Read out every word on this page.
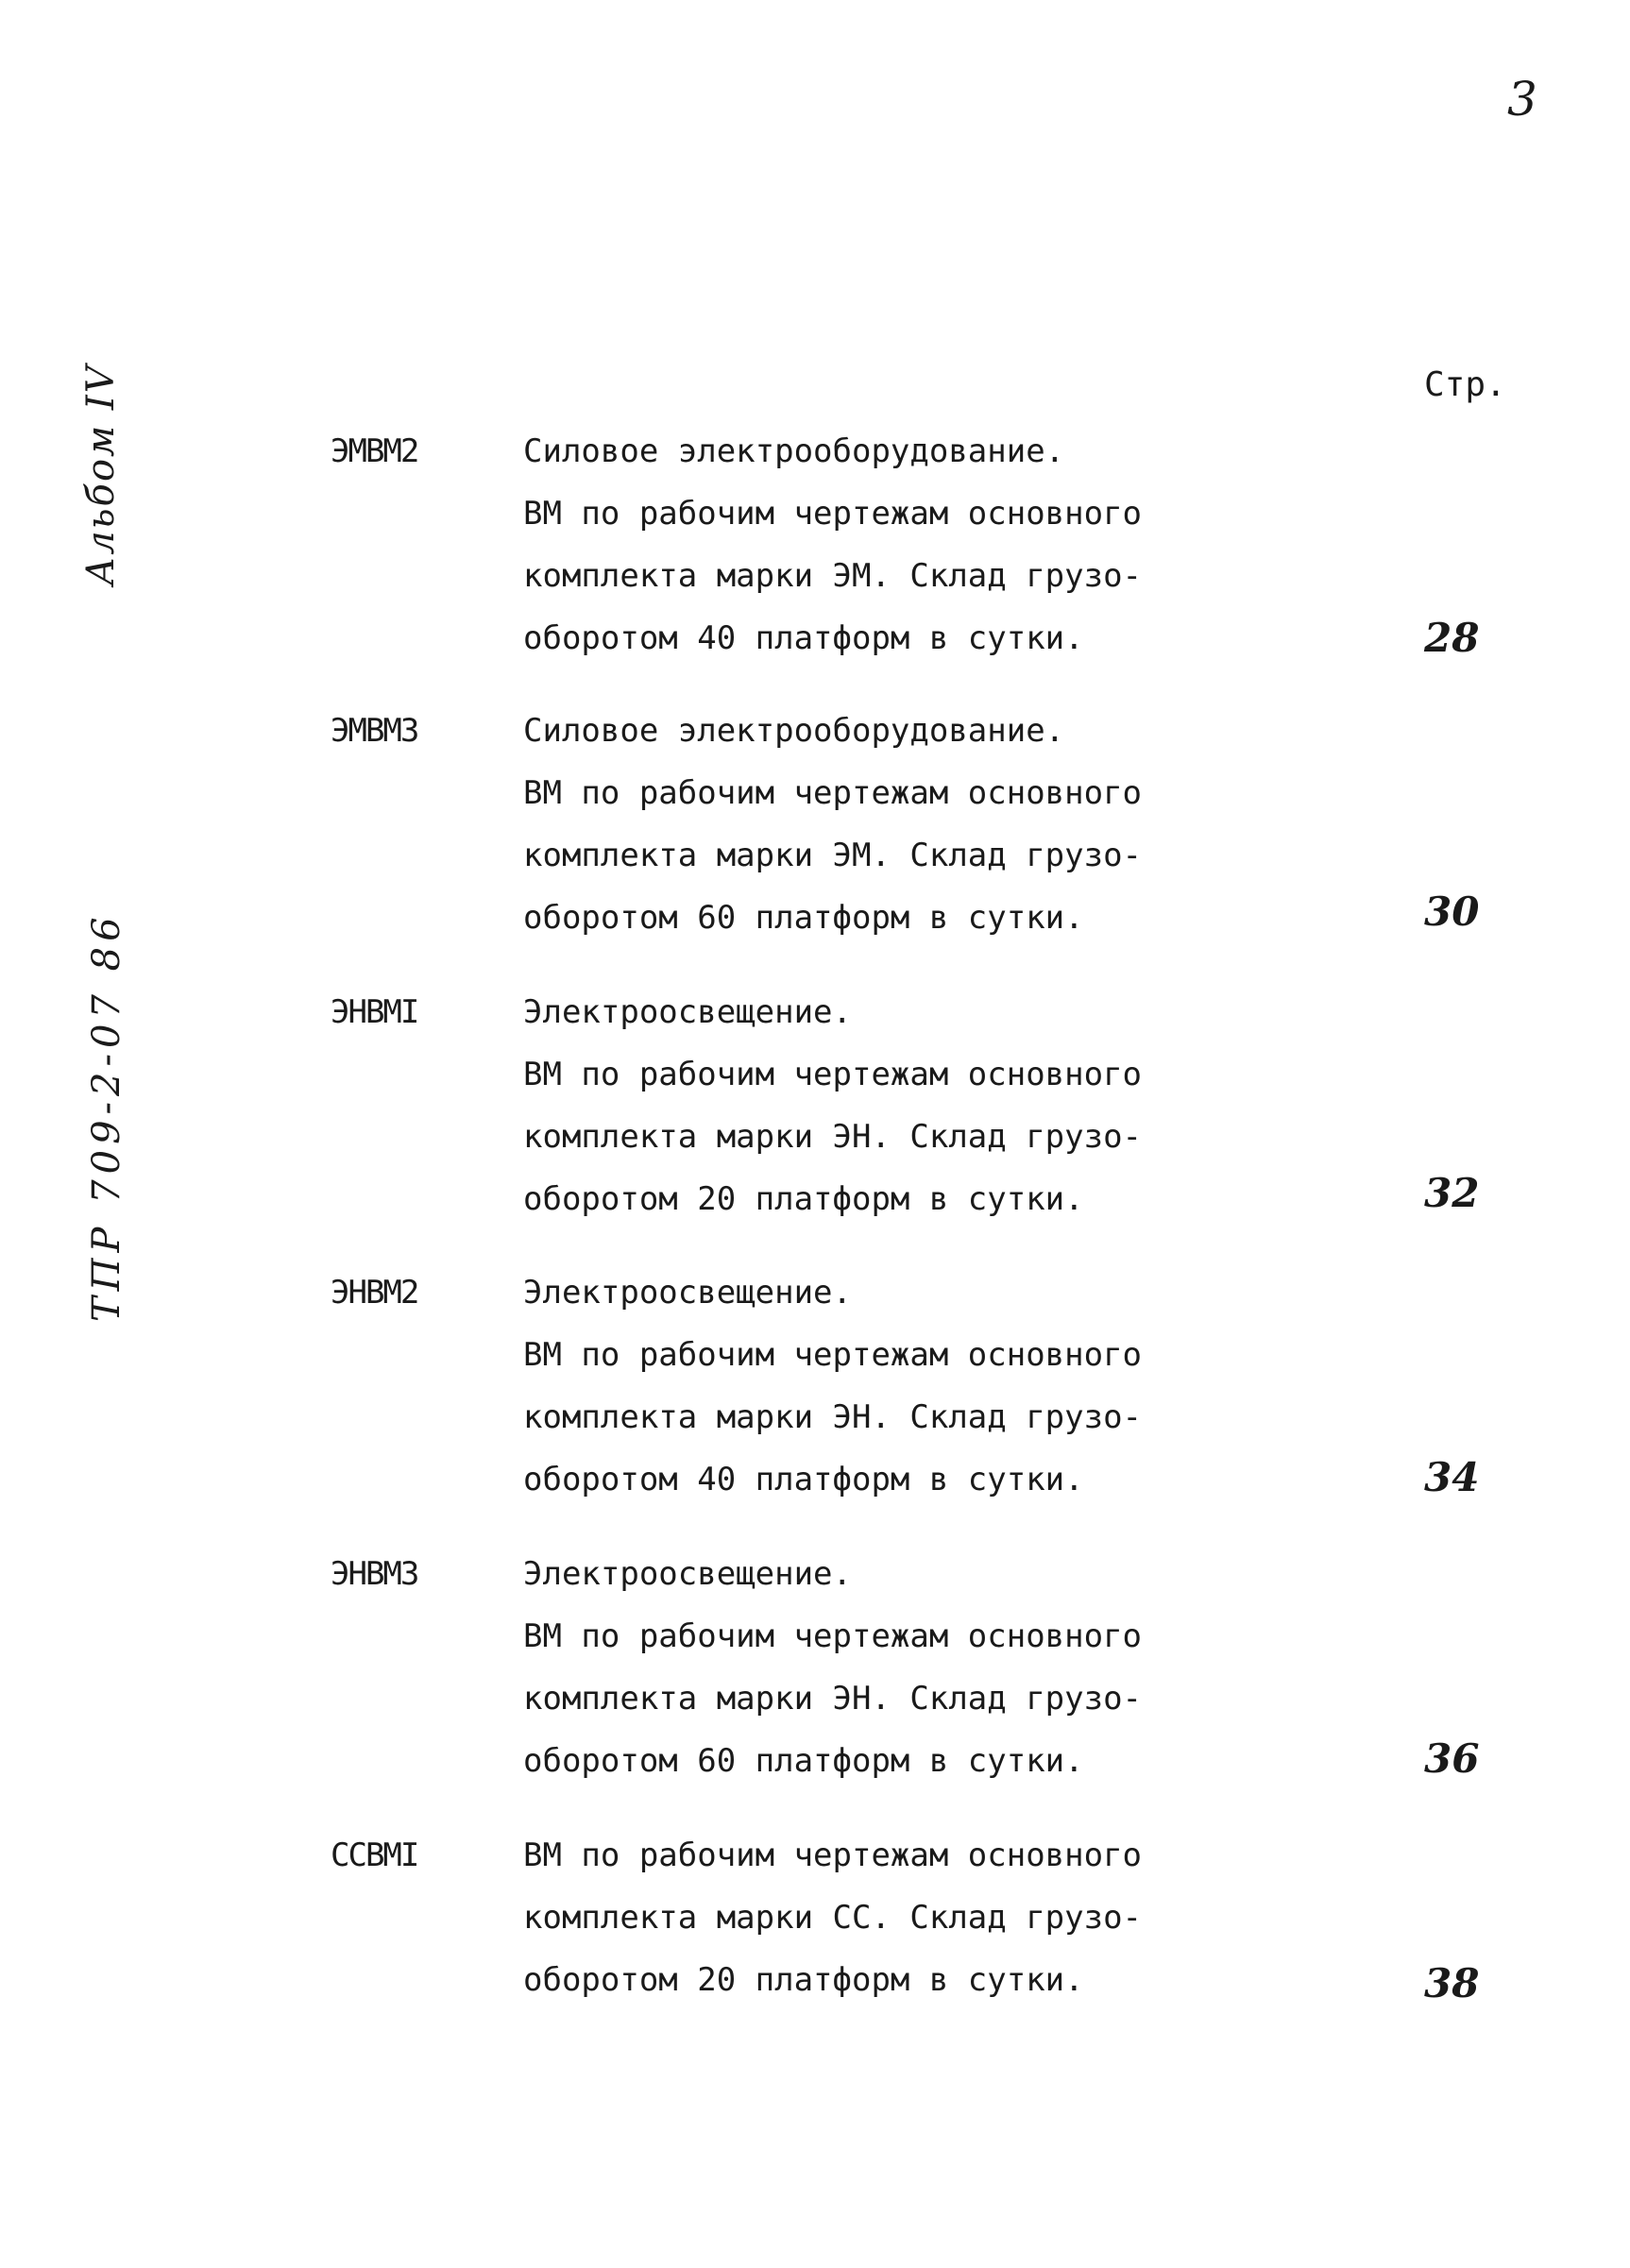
3
Альбом IV
ТПР 709-2-07 86
Стр.
ЭМВМ2	Силовое электрооборудование.
ВМ по рабочим чертежам основного
комплекта марки ЭМ. Склад грузо-
оборотом 40 платформ в сутки.	28
ЭМВМ3	Силовое электрооборудование.
ВМ по рабочим чертежам основного
комплекта марки ЭМ. Склад грузо-
оборотом 60 платформ в сутки.	30
ЭНВМI	Электроосвещение.
ВМ по рабочим чертежам основного
комплекта марки ЭН. Склад грузо-
оборотом 20 платформ в сутки.	32
ЭНВМ2	Электроосвещение.
ВМ по рабочим чертежам основного
комплекта марки ЭН. Склад грузо-
оборотом 40 платформ в сутки.	34
ЭНВМ3	Электроосвещение.
ВМ по рабочим чертежам основного
комплекта марки ЭН. Склад грузо-
оборотом 60 платформ в сутки.	36
ССВМI	ВМ по рабочим чертежам основного
комплекта марки СС. Склад грузо-
оборотом 20 платформ в сутки.	38
